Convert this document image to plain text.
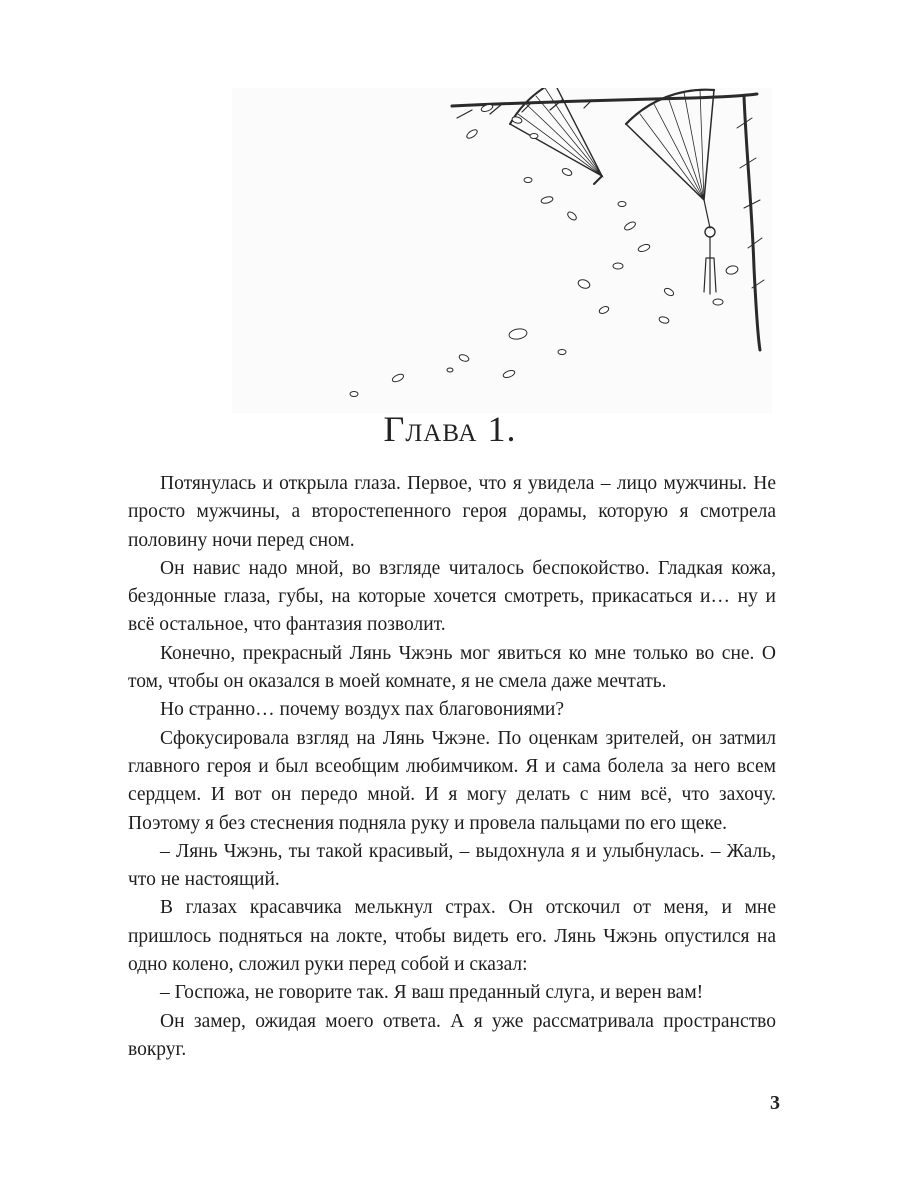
Глава 1.

Потянулась и открыла глаза. Первое, что я увидела – лицо мужчины. Не просто мужчины, а второстепенного героя дорамы, которую я смотрела половину ночи перед сном.

Он навис надо мной, во взгляде читалось беспокойство. Гладкая кожа, бездонные глаза, губы, на которые хочется смотреть, прикасаться и… ну и всё остальное, что фантазия позволит.

Конечно, прекрасный Лянь Чжэнь мог явиться ко мне только во сне. О том, чтобы он оказался в моей комнате, я не смела даже мечтать.

Но странно… почему воздух пах благовониями?

Сфокусировала взгляд на Лянь Чжэне. По оценкам зрителей, он затмил главного героя и был всеобщим любимчиком. Я и сама болела за него всем сердцем. И вот он передо мной. И я могу делать с ним всё, что захочу. Поэтому я без стеснения подняла руку и провела пальцами по его щеке.

– Лянь Чжэнь, ты такой красивый, – выдохнула я и улыбнулась. – Жаль, что не настоящий.

В глазах красавчика мелькнул страх. Он отскочил от меня, и мне пришлось подняться на локте, чтобы видеть его. Лянь Чжэнь опустился на одно колено, сложил руки перед собой и сказал:

– Госпожа, не говорите так. Я ваш преданный слуга, и верен вам!

Он замер, ожидая моего ответа. А я уже рассматривала пространство вокруг.

3
